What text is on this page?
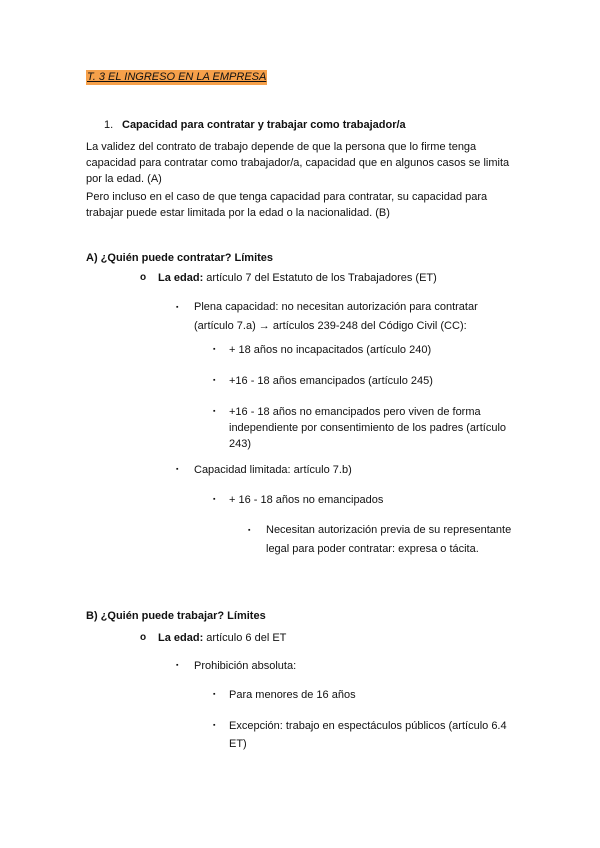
T. 3 EL INGRESO EN LA EMPRESA
1. Capacidad para contratar y trabajar como trabajador/a
La validez del contrato de trabajo depende de que la persona que lo firme tenga capacidad para contratar como trabajador/a, capacidad que en algunos casos se limita por la edad. (A)
Pero incluso en el caso de que tenga capacidad para contratar, su capacidad para trabajar puede estar limitada por la edad o la nacionalidad. (B)
A) ¿Quién puede contratar? Límites
o	La edad: artículo 7 del Estatuto de los Trabajadores (ET)
▪	Plena capacidad: no necesitan autorización para contratar (artículo 7.a) → artículos 239-248 del Código Civil (CC):
▪	+ 18 años no incapacitados (artículo 240)
▪	+16 - 18 años emancipados (artículo 245)
▪	+16 - 18 años no emancipados pero viven de forma independiente por consentimiento de los padres (artículo 243)
▪	Capacidad limitada: artículo 7.b)
▪	+ 16 - 18 años no emancipados
▪	Necesitan autorización previa de su representante legal para poder contratar: expresa o tácita.
B) ¿Quién puede trabajar? Límites
o	La edad: artículo 6 del ET
▪	Prohibición absoluta:
▪	Para menores de 16 años
▪	Excepción: trabajo en espectáculos públicos (artículo 6.4 ET)
